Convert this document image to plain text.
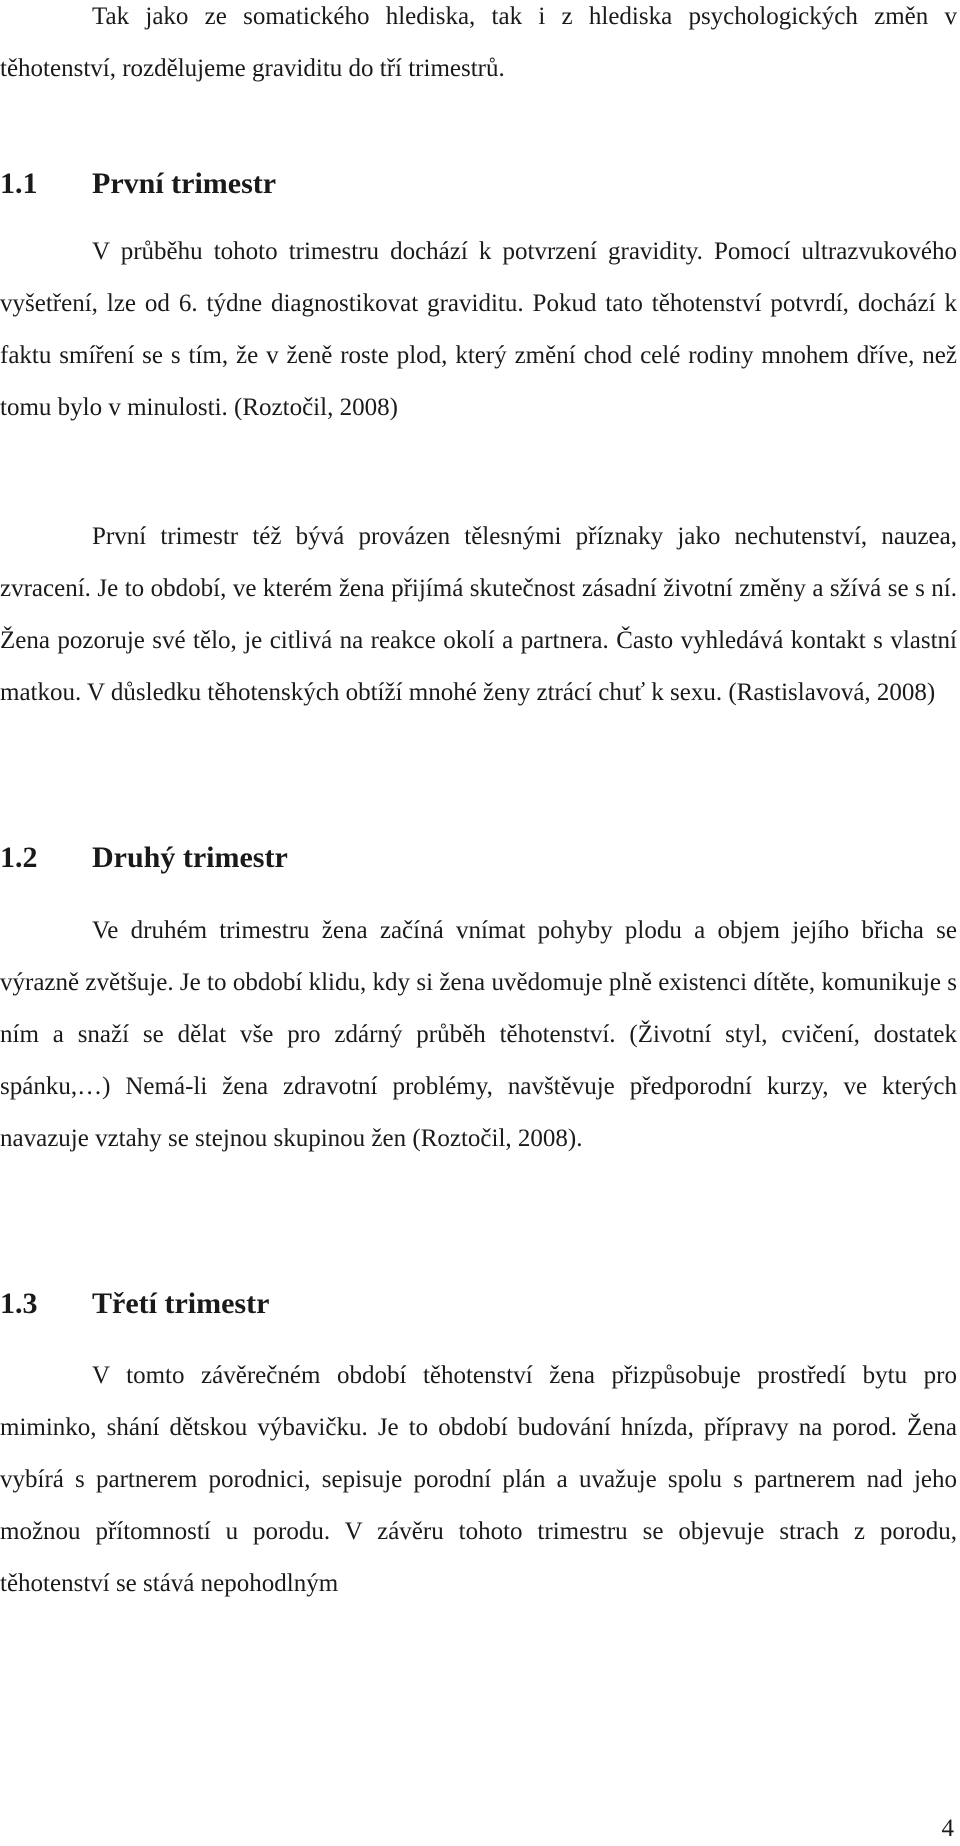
Tak jako ze somatického hlediska, tak i z hlediska psychologických změn v těhotenství, rozdělujeme graviditu do tří trimestrů.

1.1 První trimestr

V průběhu tohoto trimestru dochází k potvrzení gravidity. Pomocí ultrazvukového vyšetření, lze od 6. týdne diagnostikovat graviditu. Pokud tato těhotenství potvrdí, dochází k faktu smíření se s tím, že v ženě roste plod, který změní chod celé rodiny mnohem dříve, než tomu bylo v minulosti. (Roztočil, 2008)

První trimestr též bývá provázen tělesnými příznaky jako nechutenství, nauzea, zvracení. Je to období, ve kterém žena přijímá skutečnost zásadní životní změny a sžívá se s ní. Žena pozoruje své tělo, je citlivá na reakce okolí a partnera. Často vyhledává kontakt s vlastní matkou. V důsledku těhotenských obtíží mnohé ženy ztrácí chuť k sexu. (Rastislavová, 2008)

1.2 Druhý trimestr

Ve druhém trimestru žena začíná vnímat pohyby plodu a objem jejího břicha se výrazně zvětšuje. Je to období klidu, kdy si žena uvědomuje plně existenci dítěte, komunikuje s ním a snaží se dělat vše pro zdárný průběh těhotenství. (Životní styl, cvičení, dostatek spánku,…) Nemá-li žena zdravotní problémy, navštěvuje předporodní kurzy, ve kterých navazuje vztahy se stejnou skupinou žen (Roztočil, 2008).

1.3 Třetí trimestr

V tomto závěrečném období těhotenství žena přizpůsobuje prostředí bytu pro miminko, shání dětskou výbavičku. Je to období budování hnízda, přípravy na porod. Žena vybírá s partnerem porodnici, sepisuje porodní plán a uvažuje spolu s partnerem nad jeho možnou přítomností u porodu. V závěru tohoto trimestru se objevuje strach z porodu, těhotenství se stává nepohodlným

4
